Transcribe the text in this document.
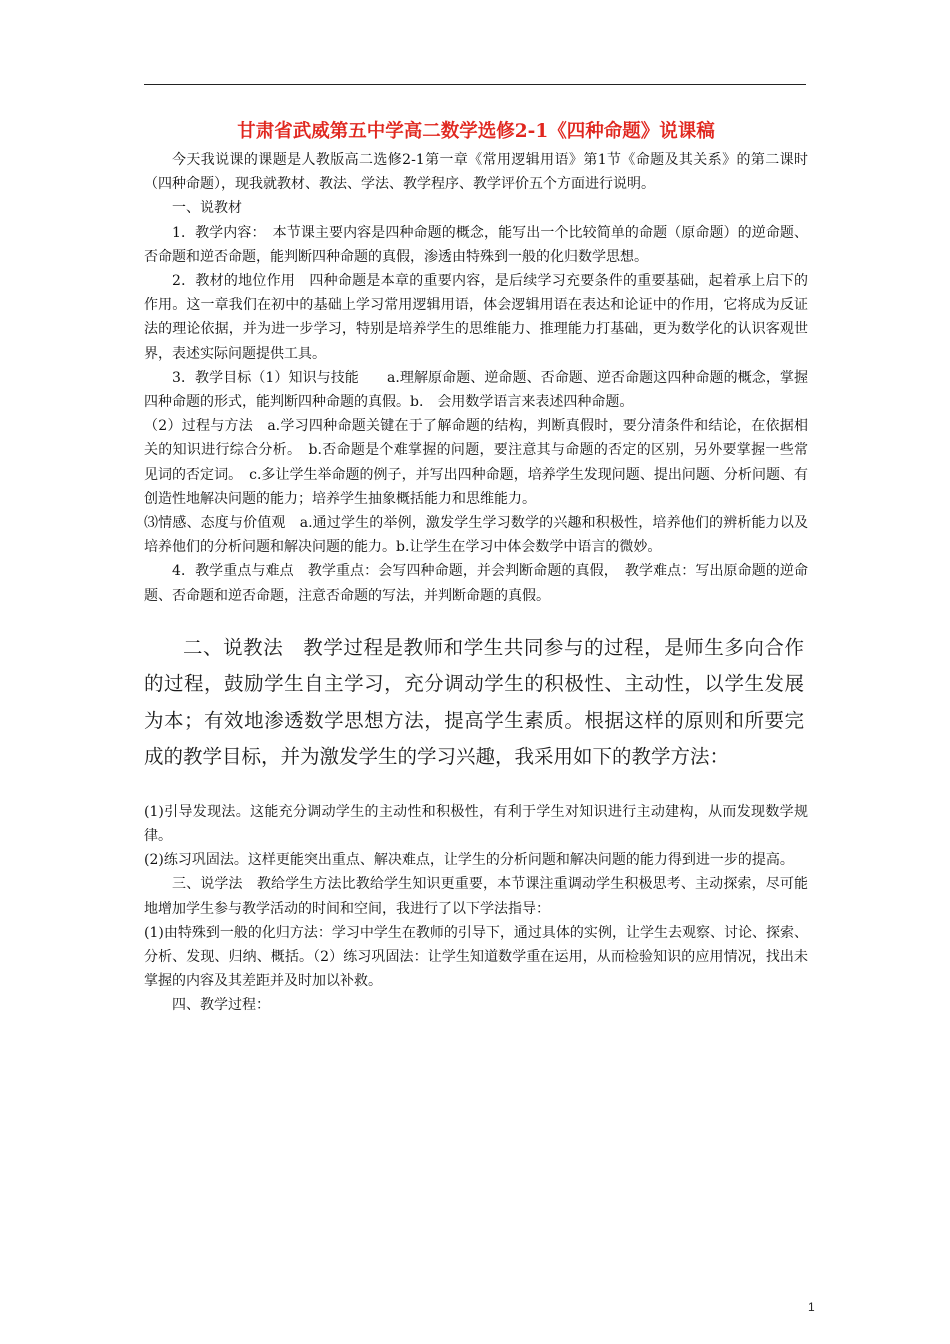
甘肃省武威第五中学高二数学选修2-1《四种命题》说课稿

今天我说课的课题是人教版高二选修2-1第一章《常用逻辑用语》第1节《命题及其关系》的第二课时（四种命题），现我就教材、教法、学法、教学程序、教学评价五个方面进行说明。

一、说教材

1．教学内容：　本节课主要内容是四种命题的概念，能写出一个比较简单的命题（原命题）的逆命题、否命题和逆否命题，能判断四种命题的真假，渗透由特殊到一般的化归数学思想。

2．教材的地位作用　四种命题是本章的重要内容，是后续学习充要条件的重要基础，起着承上启下的作用。这一章我们在初中的基础上学习常用逻辑用语，体会逻辑用语在表达和论证中的作用，它将成为反证法的理论依据，并为进一步学习，特别是培养学生的思维能力、推理能力打基础，更为数学化的认识客观世界，表述实际问题提供工具。

3．教学目标（1）知识与技能　　a.理解原命题、逆命题、否命题、逆否命题这四种命题的概念，掌握四种命题的形式，能判断四种命题的真假。b.　会用数学语言来表述四种命题。

（2）过程与方法　a.学习四种命题关键在于了解命题的结构，判断真假时，要分清条件和结论，在依据相关的知识进行综合分析。　b.否命题是个难掌握的问题，要注意其与命题的否定的区别，另外要掌握一些常见词的否定词。　c.多让学生举命题的例子，并写出四种命题，培养学生发现问题、提出问题、分析问题、有创造性地解决问题的能力；培养学生抽象概括能力和思维能力。

⑶情感、态度与价值观　a.通过学生的举例，激发学生学习数学的兴趣和积极性，培养他们的辨析能力以及培养他们的分析问题和解决问题的能力。b.让学生在学习中体会数学中语言的微妙。

4．教学重点与难点　教学重点：会写四种命题，并会判断命题的真假，　教学难点：写出原命题的逆命题、否命题和逆否命题，注意否命题的写法，并判断命题的真假。

二、说教法　教学过程是教师和学生共同参与的过程，是师生多向合作的过程，鼓励学生自主学习，充分调动学生的积极性、主动性，以学生发展为本；有效地渗透数学思想方法，提高学生素质。根据这样的原则和所要完成的教学目标，并为激发学生的学习兴趣，我采用如下的教学方法：

(1)引导发现法。这能充分调动学生的主动性和积极性，有利于学生对知识进行主动建构，从而发现数学规律。

(2)练习巩固法。这样更能突出重点、解决难点，让学生的分析问题和解决问题的能力得到进一步的提高。

三、说学法　教给学生方法比教给学生知识更重要，本节课注重调动学生积极思考、主动探索，尽可能地增加学生参与教学活动的时间和空间，我进行了以下学法指导：

(1)由特殊到一般的化归方法：学习中学生在教师的引导下，通过具体的实例，让学生去观察、讨论、探索、分析、发现、归纳、概括。（2）练习巩固法：让学生知道数学重在运用，从而检验知识的应用情况，找出未掌握的内容及其差距并及时加以补救。

四、教学过程：

1
